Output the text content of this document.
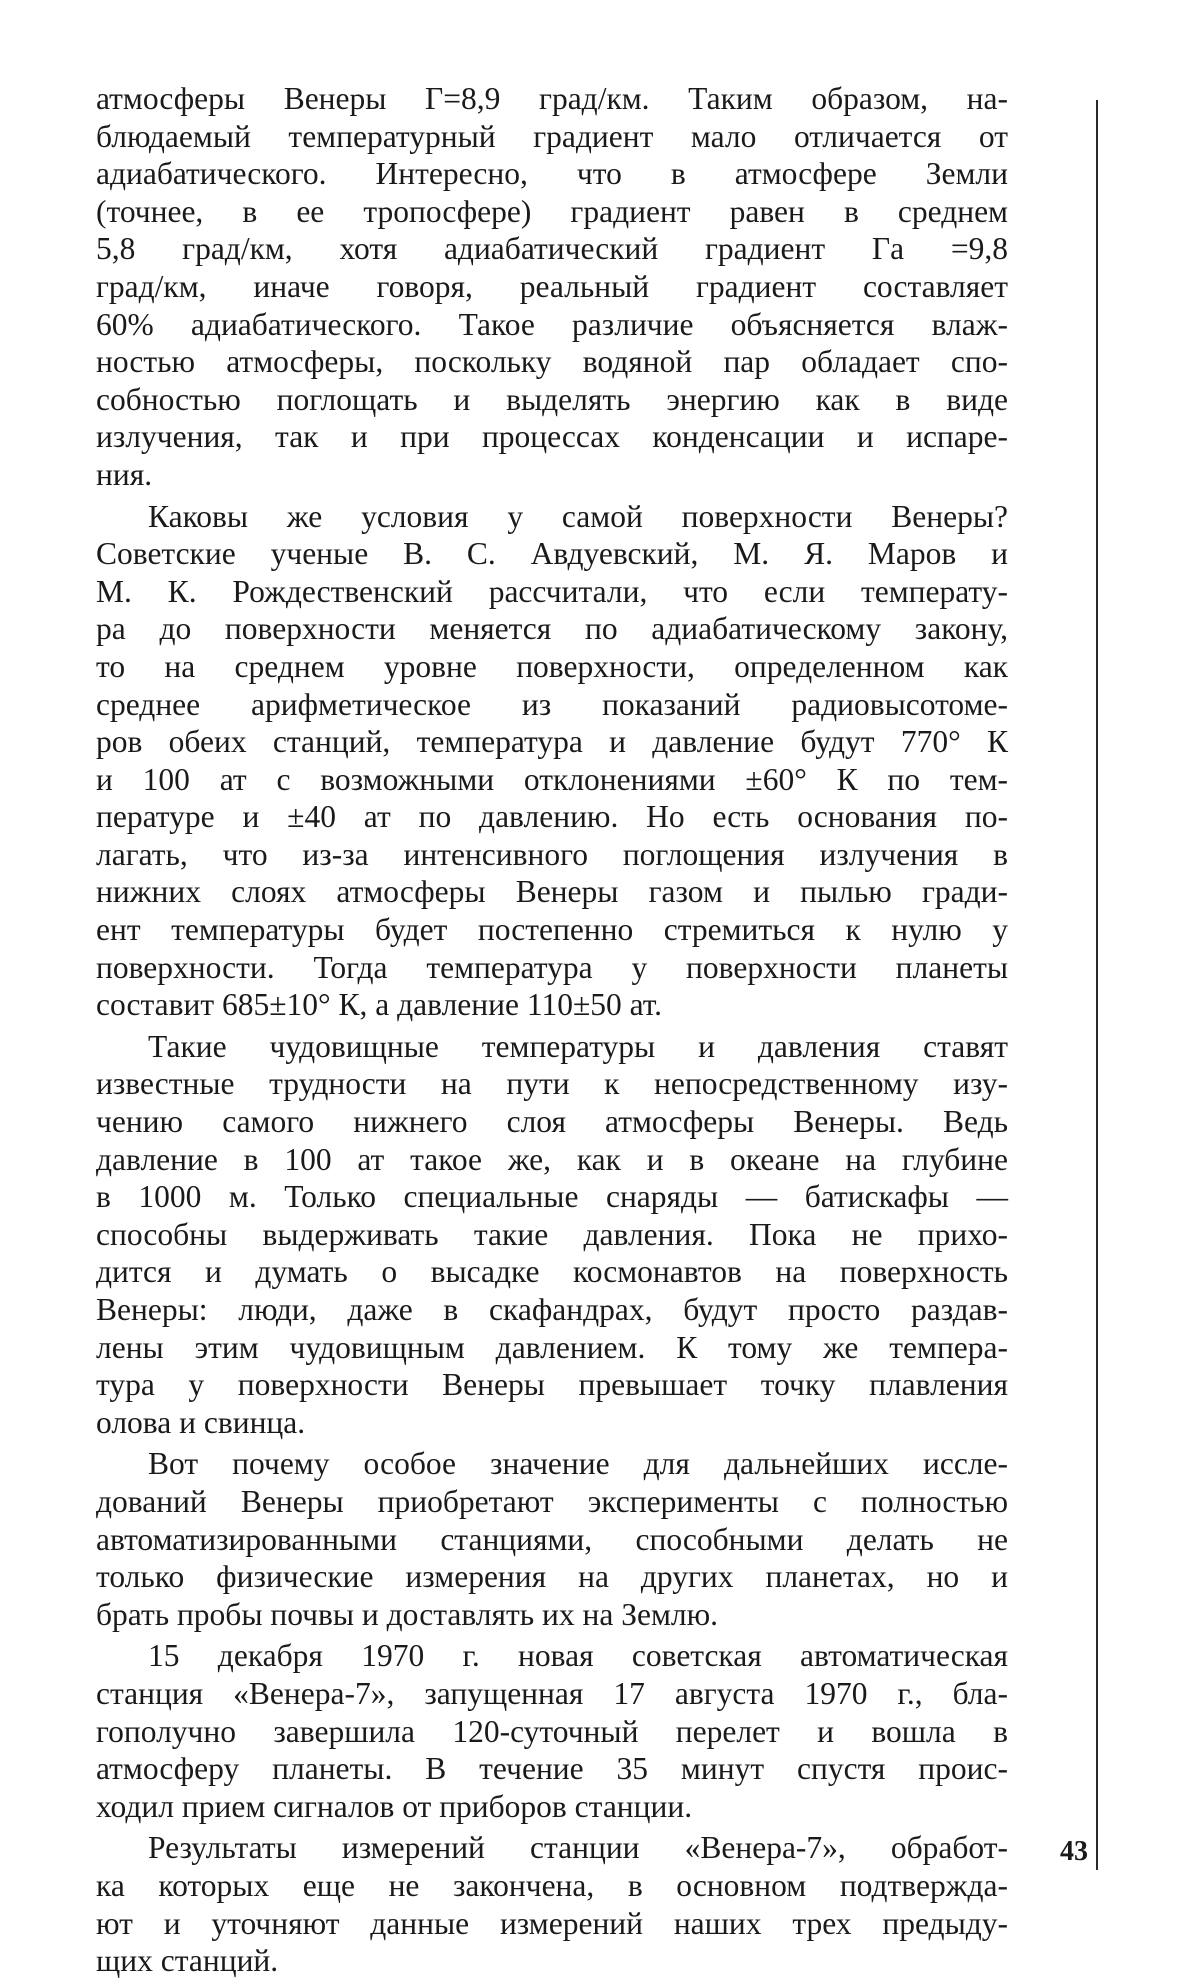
атмосферы Венеры Г=8,9 град/км. Таким образом, на-
блюдаемый температурный градиент мало отличается от
адиабатического. Интересно, что в атмосфере Земли
(точнее, в ее тропосфере) градиент равен в среднем
5,8 град/км, хотя адиабатический градиент Гa =9,8
град/км, иначе говоря, реальный градиент составляет
60% адиабатического. Такое различие объясняется влаж-
ностью атмосферы, поскольку водяной пар обладает спо-
собностью поглощать и выделять энергию как в виде
излучения, так и при процессах конденсации и испаре-
ния.

Каковы же условия у самой поверхности Венеры?
Советские ученые В. С. Авдуевский, М. Я. Маров и
М. К. Рождественский рассчитали, что если температу-
ра до поверхности меняется по адиабатическому закону,
то на среднем уровне поверхности, определенном как
среднее арифметическое из показаний радиовысотоме-
ров обеих станций, температура и давление будут 770° К
и 100 ат с возможными отклонениями ±60° К по тем-
пературе и ±40 ат по давлению. Но есть основания по-
лагать, что из-за интенсивного поглощения излучения в
нижних слоях атмосферы Венеры газом и пылью гради-
ент температуры будет постепенно стремиться к нулю у
поверхности. Тогда температура у поверхности планеты
составит 685±10° К, а давление 110±50 ат.

Такие чудовищные температуры и давления ставят
известные трудности на пути к непосредственному изу-
чению самого нижнего слоя атмосферы Венеры. Ведь
давление в 100 ат такое же, как и в океане на глубине
в 1000 м. Только специальные снаряды — батискафы —
способны выдерживать такие давления. Пока не прихо-
дится и думать о высадке космонавтов на поверхность
Венеры: люди, даже в скафандрах, будут просто раздав-
лены этим чудовищным давлением. К тому же темпера-
тура у поверхности Венеры превышает точку плавления
олова и свинца.

Вот почему особое значение для дальнейших иссле-
дований Венеры приобретают эксперименты с полностью
автоматизированными станциями, способными делать не
только физические измерения на других планетах, но и
брать пробы почвы и доставлять их на Землю.

15 декабря 1970 г. новая советская автоматическая
станция «Венера-7», запущенная 17 августа 1970 г., бла-
гополучно завершила 120-суточный перелет и вошла в
атмосферу планеты. В течение 35 минут спустя проис-
ходил прием сигналов от приборов станции.

Результаты измерений станции «Венера-7», обработ-
ка которых еще не закончена, в основном подтвержда-
ют и уточняют данные измерений наших трех предыду-
щих станций.

43
